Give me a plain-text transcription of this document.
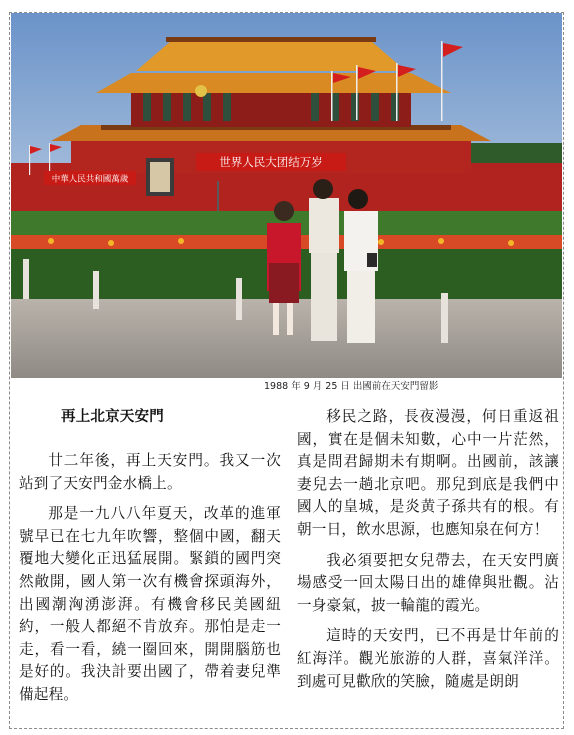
中華人民共和國萬歲
世界人民大团结万岁
1988 年 9 月 25 日 出國前在天安門留影
再上北京天安門

廿二年後，再上天安門。我又一次站到了天安門金水橋上。

那是一九八八年夏天，改革的進軍號早已在七九年吹響，整個中國，翻天覆地大變化正迅猛展開。緊鎖的國門突然敞開，國人第一次有機會探頭海外，出國潮洶湧澎湃。有機會移民美國紐約，一般人都絕不肯放弃。那怕是走一走，看一看，繞一圈回來，開開腦筋也是好的。我決計要出國了，帶着妻兒準備起程。

移民之路，長夜漫漫，何日重返祖國，實在是個未知數，心中一片茫然，真是問君歸期未有期啊。出國前，該讓妻兒去一趟北京吧。那兒到底是我們中國人的皇城，是炎黄子孫共有的根。有朝一日，飲水思源，也應知泉在何方！

我必須要把女兒帶去，在天安門廣場感受一回太陽日出的雄偉與壯觀。沾一身豪氣，披一輪龍的霞光。

這時的天安門，已不再是廿年前的紅海洋。觀光旅游的人群，喜氣洋洋。到處可見歡欣的笑臉，隨處是朗朗
